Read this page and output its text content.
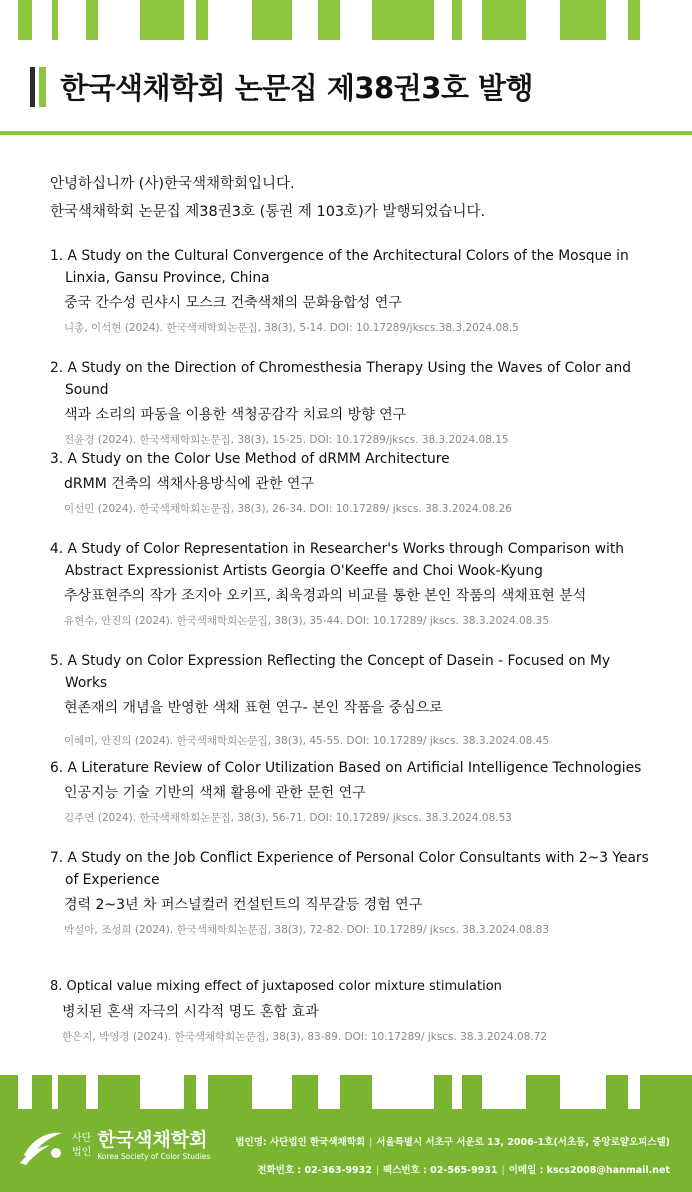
한국색채학회 논문집 제38권3호 발행
안녕하십니까 (사)한국색채학회입니다.
한국색채학회 논문집 제38권3호 (통권 제 103호)가 발행되었습니다.
1. A Study on the Cultural Convergence of the Architectural Colors of the Mosque in Linxia, Gansu Province, China
중국 간수성 린샤시 모스크 건축색채의 문화융합성 연구
니총, 이석현 (2024). 한국색채학회논문집, 38(3), 5-14. DOI: 10.17289/jkscs.38.3.2024.08.5
2. A Study on the Direction of Chromesthesia Therapy Using the Waves of Color and Sound
색과 소리의 파동을 이용한 색청공감각 치료의 방향 연구
전윤경 (2024). 한국색채학회논문집, 38(3), 15-25. DOI: 10.17289/jkscs. 38.3.2024.08.15
3. A Study on the Color Use Method of dRMM Architecture
dRMM 건축의 색채사용방식에 관한 연구
이선민 (2024). 한국색채학회논문집, 38(3), 26-34. DOI: 10.17289/ jkscs. 38.3.2024.08.26
4. A Study of Color Representation in Researcher's Works through Comparison with Abstract Expressionist Artists Georgia O'Keeffe and Choi Wook-Kyung
추상표현주의 작가 조지아 오키프, 최욱경과의 비교를 통한 본인 작품의 색채표현 분석
유현수, 안진의 (2024). 한국색채학회논문집, 38(3), 35-44. DOI: 10.17289/ jkscs. 38.3.2024.08.35
5. A Study on Color Expression Reflecting the Concept of Dasein - Focused on My Works
현존재의 개념을 반영한 색채 표현 연구- 본인 작품을 중심으로
이혜미, 안진의 (2024). 한국색채학회논문집, 38(3), 45-55. DOI: 10.17289/ jkscs. 38.3.2024.08.45
6. A Literature Review of Color Utilization Based on Artificial Intelligence Technologies
인공지능 기술 기반의 색채 활용에 관한 문헌 연구
김주연 (2024). 한국색채학회논문집, 38(3), 56-71. DOI: 10.17289/ jkscs. 38.3.2024.08.53
7. A Study on the Job Conflict Experience of Personal Color Consultants with 2~3 Years of Experience
경력 2~3년 차 퍼스널컬러 컨설턴트의 직무갈등 경험 연구
박설아, 조성희 (2024). 한국색채학회논문집, 38(3), 72-82. DOI: 10.17289/ jkscs. 38.3.2024.08.83
8. Optical value mixing effect of juxtaposed color mixture stimulation
병치된 혼색 자극의 시각적 명도 혼합 효과
한은지, 박영경 (2024). 한국색채학회논문집, 38(3), 83-89. DOI: 10.17289/ jkscs. 38.3.2024.08.72
사단
법인
한국색채학회
Korea Society of Color Studies
법인명: 사단법인 한국색채학회 | 서울특별시 서초구 서운로 13, 2006-1호(서초동, 중앙로얄오피스텔)
전화번호 : 02-363-9932 | 팩스번호 : 02-565-9931 | 이메일 : kscs2008@hanmail.net
